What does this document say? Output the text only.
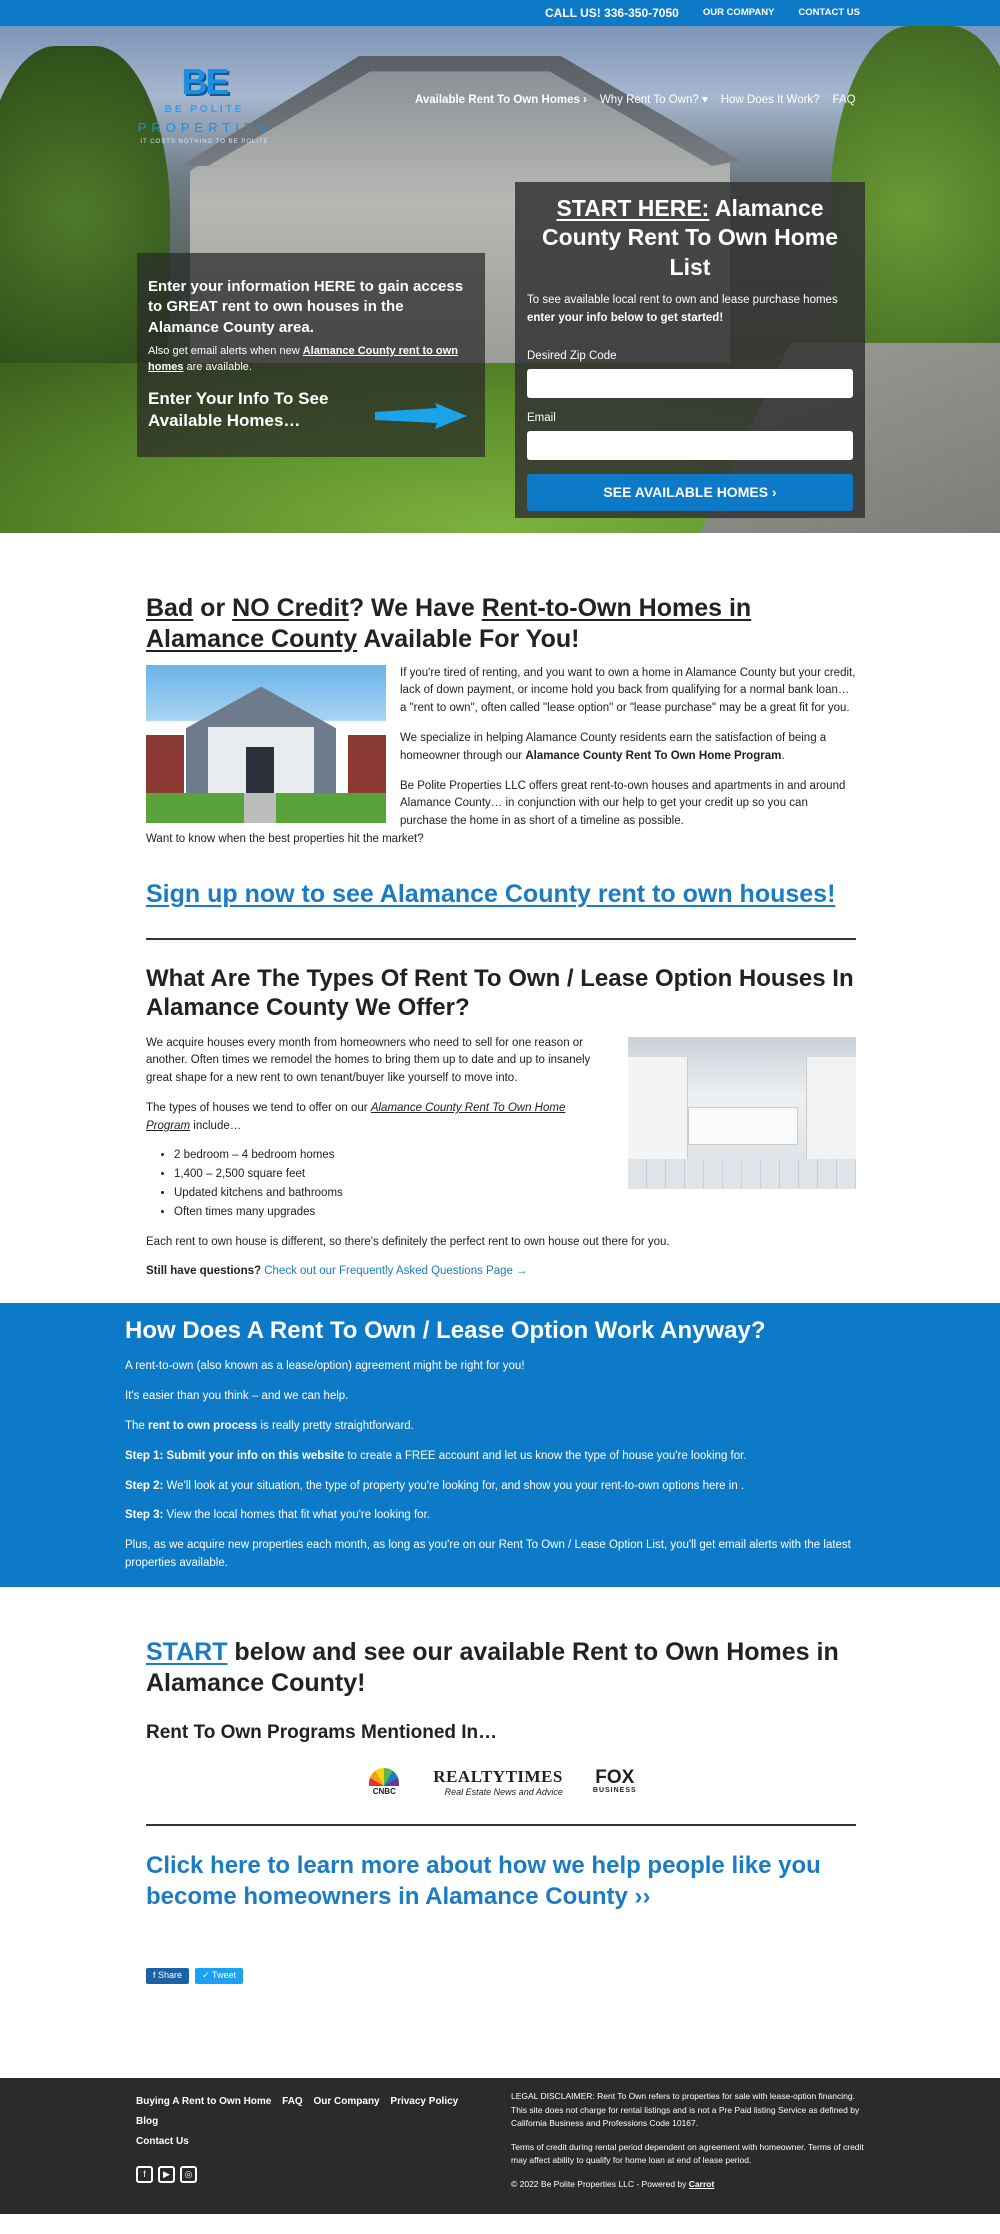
CALL US! 336-350-7050	OUR COMPANY	CONTACT US
BE
BE POLITE
PROPERTIES
IT COSTS NOTHING TO BE POLITE
Available Rent To Own Homes › Why Rent To Own? ▾ How Does It Work? FAQ
Enter your information HERE to gain access to GREAT rent to own houses in the Alamance County area.
Also get email alerts when new Alamance County rent to own homes are available.
Enter Your Info To See Available Homes…
START HERE: Alamance County Rent To Own Home List
To see available local rent to own and lease purchase homes enter your info below to get started!
Desired Zip Code
Email
SEE AVAILABLE HOMES ›
Bad or NO Credit? We Have Rent-to-Own Homes in Alamance County Available For You!

If you're tired of renting, and you want to own a home in Alamance County but your credit, lack of down payment, or income hold you back from qualifying for a normal bank loan… a "rent to own", often called "lease option" or "lease purchase" may be a great fit for you.

We specialize in helping Alamance County residents earn the satisfaction of being a homeowner through our Alamance County Rent To Own Home Program.

Be Polite Properties LLC offers great rent-to-own houses and apartments in and around Alamance County… in conjunction with our help to get your credit up so you can purchase the home in as short of a timeline as possible.

Want to know when the best properties hit the market?

Sign up now to see Alamance County rent to own houses!
What Are The Types Of Rent To Own / Lease Option Houses In Alamance County We Offer?

We acquire houses every month from homeowners who need to sell for one reason or another. Often times we remodel the homes to bring them up to date and up to insanely great shape for a new rent to own tenant/buyer like yourself to move into.

The types of houses we tend to offer on our Alamance County Rent To Own Home Program include…

• 2 bedroom – 4 bedroom homes
• 1,400 – 2,500 square feet
• Updated kitchens and bathrooms
• Often times many upgrades

Each rent to own house is different, so there's definitely the perfect rent to own house out there for you.

Still have questions? Check out our Frequently Asked Questions Page →

How Does A Rent To Own / Lease Option Work Anyway?

A rent-to-own (also known as a lease/option) agreement might be right for you!

It's easier than you think – and we can help.

The rent to own process is really pretty straightforward.

Step 1: Submit your info on this website to create a FREE account and let us know the type of house you're looking for.

Step 2: We'll look at your situation, the type of property you're looking for, and show you your rent-to-own options here in .

Step 3: View the local homes that fit what you're looking for.

Plus, as we acquire new properties each month, as long as you're on our Rent To Own / Lease Option List, you'll get email alerts with the latest properties available.

START below and see our available Rent to Own Homes in Alamance County!
Rent To Own Programs Mentioned In…
CNBC
REALTYTIMES
Real Estate News and Advice
FOX
BUSINESS
Click here to learn more about how we help people like you become homeowners in Alamance County ››
f Share	✓ Tweet
Buying A Rent to Own Home FAQ Our Company Privacy Policy Blog
Contact Us
f	▶	◎

LEGAL DISCLAIMER: Rent To Own refers to properties for sale with lease-option financing. This site does not charge for rental listings and is not a Pre Paid listing Service as defined by California Business and Professions Code 10167.

Terms of credit during rental period dependent on agreement with homeowner. Terms of credit may affect ability to qualify for home loan at end of lease period.

© 2022 Be Polite Properties LLC - Powered by Carrot
